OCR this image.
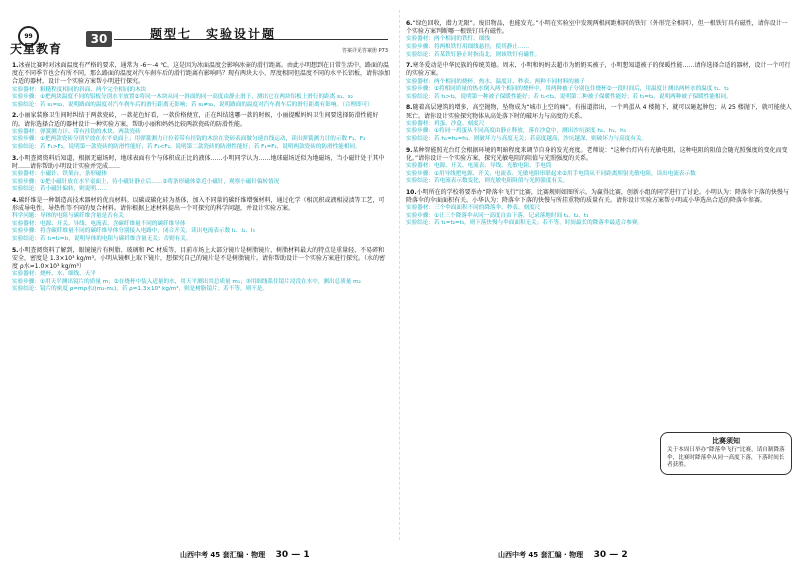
99
天星教育
30	题型七　实验设计题
答案详见答案册 P73
1.冰壶比赛时对冰面温度有严格的要求，通常为 -6～-4 ℃，这是因为冰面温度会影响冰壶的滑行距离。由此小明想到在日常生活中，路面的温度在不同季节也会有所不同，那么路面的温度对汽车刹车后的滑行距离有影响吗？现有两块大小、厚度相同但温度不同的水平长铝板，请你添加合适的器材，设计一个实验方案帮小明进行探究。
实验器材：粗糙程度相同的斜面、两个完全相同的木块
实验步骤：①把两块温度不同的铝板分别水平放置②将同一木块从同一斜面的同一高度由静止滑下，测出它在两块铝板上滑行的距离 s₁、s₂
实验结论：若 s₁=s₂，说明路面的温度对汽车刹车后的滑行距离无影响；若 s₁≠s₂，说明路面的温度对汽车刹车后的滑行距离有影响。（合理即可）
2.小丽家装修卫生间时纠结于两款瓷砖，一款花色好看，一款价格便宜，正在纠结选哪一款的时候，小丽提醒妈妈卫生间要选择防滑性能好的。请你选择合适的器材设计一种实验方案，帮助小丽和妈妈比较两款瓷砖的防滑性能。
实验器材：弹簧测力计、带有挂钩的木块、两款瓷砖
实验步骤：①把两款瓷砖分别平放在水平桌面上；用弹簧测力计拉着带有挂钩的木块在瓷砖表面做匀速直线运动，读出弹簧测力计的示数 F₁、F₂
实验结论：若 F₁>F₂，说明第一款瓷砖的防滑性能好；若 F₁<F₂，说明第二款瓷砖的防滑性能好；若 F₁=F₂，说明两款瓷砖的防滑性能相同。
3.小明查阅资料后知道，根据无磁场时，地球表面有个与体积成正比的液体……小明同学认为……地球磁场近似为地磁场，当小磁针处于其中时……请你帮助小明设计实验并完成……
实验器材：小磁针、铁架台、条形磁体
实验步骤：①把小磁针放在水平桌面上，待小磁针静止后……②将条形磁体靠近小磁针，观察小磁针偏转情况
实验结论：若小磁针偏转，则说明……
4.碳纤维是一种制造高技术器材的优良材料。以碳或碳化硅为基体，加入不同量的碳纤维增强材料，通过化学（相沉积或液相浸渍等工艺，可形成导电性、导热性等不同的复合材料。请你根据上述材料提出一个可探究的科学问题，并设计实验方案。
科学问题：导体的电阻与碳纤维含量是否有关
实验器材：电源、开关、导线、电流表、含碳纤维量不同的碳纤维导体
实验步骤：将含碳纤维量不同的碳纤维导体分别接入电路中，闭合开关，读出电流表示数 I₁、I₂、I₃
实验结论：若 I₁=I₂=I₃，说明导体的电阻与碳纤维含量无关；否则有关。
5.小明查阅资料了解到，眼镜镜片有树脂、玻璃和 PC 材质等，目前市场上大部分镜片是树脂镜片，树脂材料最大的特点是重量轻、不易碎和安全，密度是 1.3×10³ kg/m³。小明从镜框上取下镜片，想探究自己的镜片是不是树脂镜片。请你帮助设计一个实验方案进行探究。（水的密度 ρ水=1.0×10³ kg/m³）
实验器材：烧杯、水、细线、天平
实验步骤：①用天平测出镜片的质量 m；②在烧杯中装入适量的水，用天平测出其总质量 m₁；③用细线系住镜片浸没在水中，测出总质量 m₂
实验结论：镜片的密度 ρ=mρ水/(m₂-m₁)，若 ρ=1.3×10³ kg/m³，则是树脂镜片；若不等，则不是。
山西中考 45 套汇编 · 物理 30 — 1
6.“绿色回收，潜力无限”。废旧物品，也能发光。”小明在实验室中发现两根间距相同的铁钉（外形完全相同），但一根铁钉具有磁性，请你设计一个实验方案判断哪一根铁钉具有磁性。
实验器材：两个相同的铁钉、细线
实验步骤：将两根铁钉用细线悬挂，使其静止……
实验结论：若某铁钉静止时指南北，则该铁钉有磁性。
7.寒冬爱动是中华民族的传统美德。周末，小明和妈妈去超市为奶奶买被子，小明想知道被子的保暖性能……请你选择合适的器材，设计一个可行的实验方案。
实验器材：两个相同的烧杯、热水、温度计、秒表、两种不同材料的被子
实验步骤：①将相同质量的热水倒入两个相同的烧杯中，用两种被子分别包住烧杯②一段时间后，用温度计测出两杯水的温度 t₁、t₂
实验结论：若 t₁>t₂，说明第一种被子保暖性能好；若 t₁<t₂，说明第二种被子保暖性能好；若 t₁=t₂，说明两种被子保暖性能相同。
8.随着高层建筑的增多，高空抛物，坠物成为“城市上空的痛”。有报道指出，一个鸡蛋从 4 楼抛下，就可以砸起肿包；从 25 楼抛下，就可能使人死亡。请你设计实验探究物体从高处落下时的破坏力与高度的关系。
实验器材：鸡蛋、沙盒、刻度尺
实验步骤：①将同一鸡蛋从不同高度由静止释放，落在沙盒中，测出沙坑深度 h₁、h₂、h₃
实验结论：若 h₁=h₂=h₃，则破坏力与高度无关；若高度越高，沙坑越深，则破坏力与高度有关。
9.某种智能照光台灯会根据环境的明暗程度来调节自身的发光亮度。老师说：“这种台灯内有光敏电阻，这种电阻的阻值会随光照强度的变化而变化。”请你设计一个实验方案，探究光敏电阻的阻值与光照强度的关系。
实验器材：电源、开关、电流表、导线、光敏电阻、手电筒
实验步骤：①用导线把电源、开关、电流表、光敏电阻串联起来②用手电筒从不同距离照射光敏电阻，读出电流表示数
实验结论：若电流表示数变化，则光敏电阻阻值与光照强度有关。
10.小明所在的学校将要举办“降落伞飞行”比赛，比赛规则如图所示。为赢得比赛，创新小组的同学进行了讨论。小明认为：降落伞下落的快慢与降落伞的伞面面积有关。小华认为：降落伞下落的快慢与所挂重物的质量有关。请你设计实验方案帮小明或小华选出合适的降落伞参赛。
实验器材：三个伞面面积不同的降落伞、秒表、刻度尺
实验步骤：①让三个降落伞从同一高度自由下落，记录落地时间 t₁、t₂、t₃
实验结论：若 t₁=t₂=t₃，则下落快慢与伞面面积无关；若不等，时间最长的降落伞最适合参赛。
比赛须知
关于本周日举办“降落伞飞行”比赛，请自制降落伞，比赛时降落伞从同一高度下落，下落时间长者获胜。
山西中考 45 套汇编 · 物理 30 — 2
